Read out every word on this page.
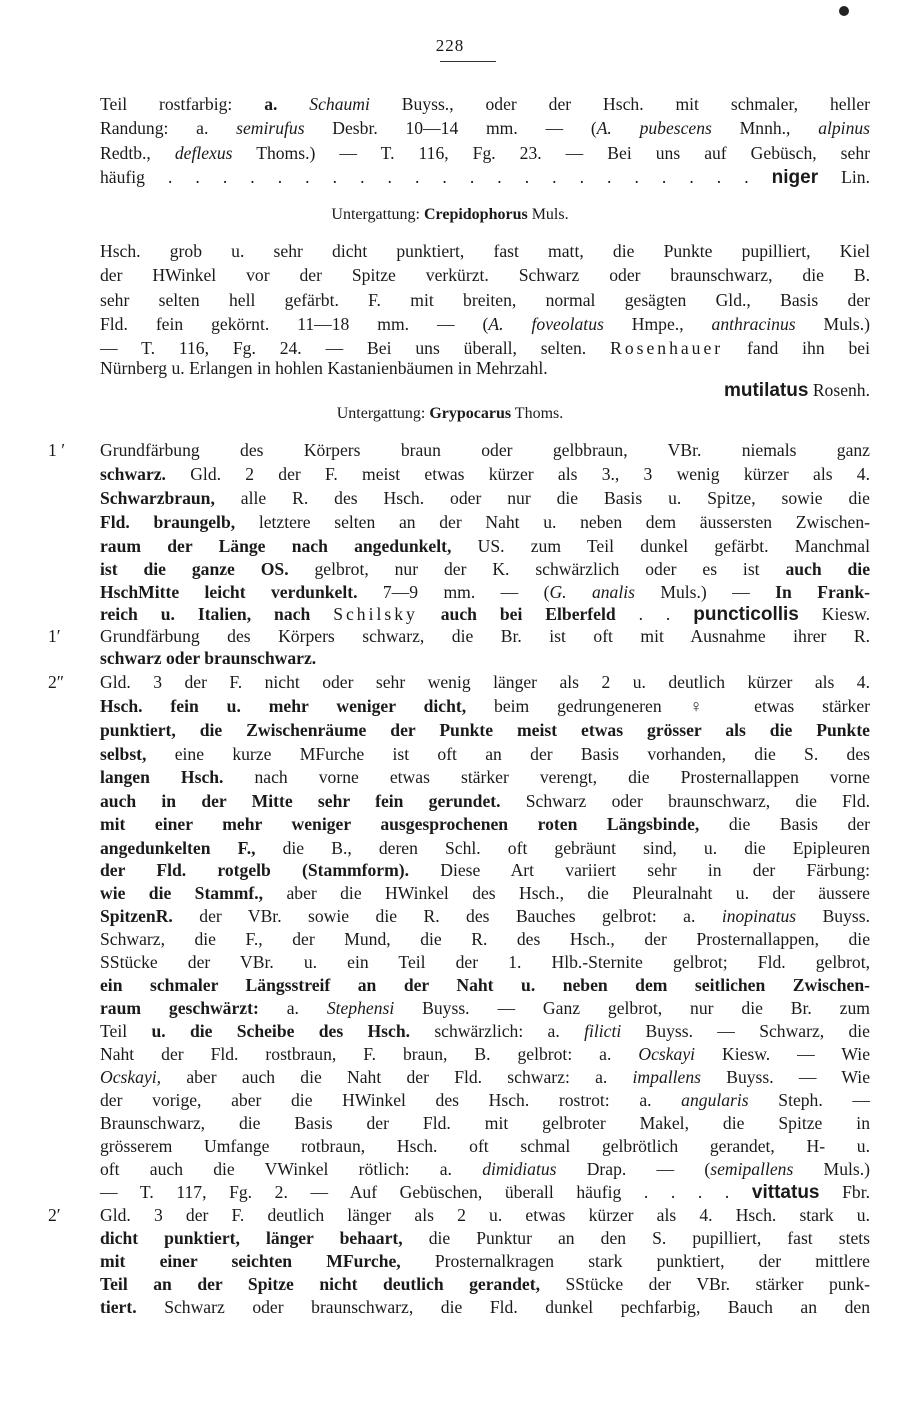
228
Teil rostfarbig: a. Schaumi Buyss., oder der Hsch. mit schmaler, heller
Randung: a. semirufus Desbr. 10—14 mm. — (A. pubescens Mnnh., alpinus
Redtb., deflexus Thoms.) — T. 116, Fg. 23. — Bei uns auf Gebüsch, sehr
häufig . . . . . . . . . . . . . . . . . . . . . . niger Lin.
Untergattung: Crepidophorus Muls.
Hsch. grob u. sehr dicht punktiert, fast matt, die Punkte pupilliert, Kiel
der HWinkel vor der Spitze verkürzt. Schwarz oder braunschwarz, die B.
sehr selten hell gefärbt. F. mit breiten, normal gesägten Gld., Basis der
Fld. fein gekörnt. 11—18 mm. — (A. foveolatus Hmpe., anthracinus Muls.)
— T. 116, Fg. 24. — Bei uns überall, selten. Rosenhauer fand ihn bei
Nürnberg u. Erlangen in hohlen Kastanienbäumen in Mehrzahl.
mutilatus Rosenh.
Untergattung: Grypocarus Thoms.
Grundfärbung des Körpers braun oder gelbbraun, VBr. niemals ganz
1 ′
schwarz. Gld. 2 der F. meist etwas kürzer als 3., 3 wenig kürzer als 4.
Schwarzbraun, alle R. des Hsch. oder nur die Basis u. Spitze, sowie die
Fld. braungelb, letztere selten an der Naht u. neben dem äussersten Zwischen-
raum der Länge nach angedunkelt, US. zum Teil dunkel gefärbt. Manchmal
ist die ganze OS. gelbrot, nur der K. schwärzlich oder es ist auch die
HschMitte leicht verdunkelt. 7—9 mm. — (G. analis Muls.) — In Frank-
reich u. Italien, nach Schilsky auch bei Elberfeld . . puncticollis Kiesw.
Grundfärbung des Körpers schwarz, die Br. ist oft mit Ausnahme ihrer R.
1′
schwarz oder braunschwarz.
Gld. 3 der F. nicht oder sehr wenig länger als 2 u. deutlich kürzer als 4.
2″
Hsch. fein u. mehr weniger dicht, beim gedrungeneren ♀ etwas stärker
punktiert, die Zwischenräume der Punkte meist etwas grösser als die Punkte
selbst, eine kurze MFurche ist oft an der Basis vorhanden, die S. des
langen Hsch. nach vorne etwas stärker verengt, die Prosternallappen vorne
auch in der Mitte sehr fein gerundet. Schwarz oder braunschwarz, die Fld.
mit einer mehr weniger ausgesprochenen roten Längsbinde, die Basis der
angedunkelten F., die B., deren Schl. oft gebräunt sind, u. die Epipleuren
der Fld. rotgelb (Stammform). Diese Art variiert sehr in der Färbung:
wie die Stammf., aber die HWinkel des Hsch., die Pleuralnaht u. der äussere
SpitzenR. der VBr. sowie die R. des Bauches gelbrot: a. inopinatus Buyss.
Schwarz, die F., der Mund, die R. des Hsch., der Prosternallappen, die
SStücke der VBr. u. ein Teil der 1. Hlb.-Sternite gelbrot; Fld. gelbrot,
ein schmaler Längsstreif an der Naht u. neben dem seitlichen Zwischen-
raum geschwärzt: a. Stephensi Buyss. — Ganz gelbrot, nur die Br. zum
Teil u. die Scheibe des Hsch. schwärzlich: a. filicti Buyss. — Schwarz, die
Naht der Fld. rostbraun, F. braun, B. gelbrot: a. Ocskayi Kiesw. — Wie
Ocskayi, aber auch die Naht der Fld. schwarz: a. impallens Buyss. — Wie
der vorige, aber die HWinkel des Hsch. rostrot: a. angularis Steph. —
Braunschwarz, die Basis der Fld. mit gelbroter Makel, die Spitze in
grösserem Umfange rotbraun, Hsch. oft schmal gelbrötlich gerandet, H- u.
oft auch die VWinkel rötlich: a. dimidiatus Drap. — (semipallens Muls.)
— T. 117, Fg. 2. — Auf Gebüschen, überall häufig . . . . vittatus Fbr.
Gld. 3 der F. deutlich länger als 2 u. etwas kürzer als 4. Hsch. stark u.
2′
dicht punktiert, länger behaart, die Punktur an den S. pupilliert, fast stets
mit einer seichten MFurche, Prosternalkragen stark punktiert, der mittlere
Teil an der Spitze nicht deutlich gerandet, SStücke der VBr. stärker punk-
tiert. Schwarz oder braunschwarz, die Fld. dunkel pechfarbig, Bauch an den
